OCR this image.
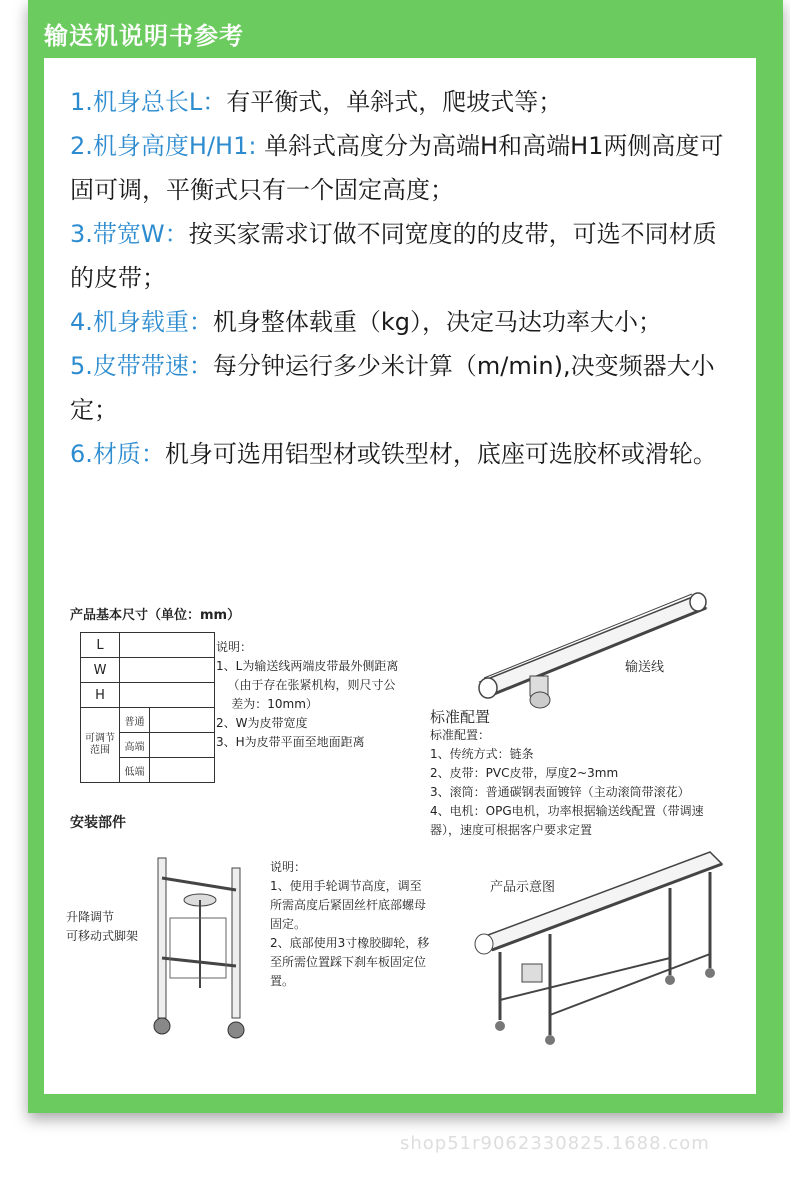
输送机说明书参考

1.机身总长L：有平衡式，单斜式，爬坡式等；

2.机身高度H/H1: 单斜式高度分为高端H和高端H1两侧高度可固可调，平衡式只有一个固定高度；

3.带宽W：按买家需求订做不同宽度的的皮带，可选不同材质的皮带；

4.机身载重：机身整体载重（kg），决定马达功率大小；

5.皮带带速：每分钟运行多少米计算（m/min),决变频器大小定；

6.材质：机身可选用铝型材或铁型材，底座可选胶杯或滑轮。

产品基本尺寸（单位：mm）
L		
W		
H		
可调节范围	普通	
	高端	
	低端	
说明：
1、L为输送线两端皮带最外侧距离
（由于存在张紧机构，则尺寸公
差为：10mm）
2、W为皮带宽度
3、H为皮带平面至地面距离
输送线
标准配置
标准配置：
1、传统方式：链条
2、皮带：PVC皮带，厚度2~3mm
3、滚筒：普通碳钢表面镀锌（主动滚筒带滚花）
4、电机：OPG电机，功率根据输送线配置（带调速
器），速度可根据客户要求定置
安装部件
升降调节
可移动式脚架
说明：
1、使用手轮调节高度，调至
所需高度后紧固丝杆底部螺母
固定。
2、底部使用3寸橡胶脚轮，移
至所需位置踩下刹车板固定位
置。
产品示意图
shop51r9062330825.1688.com
